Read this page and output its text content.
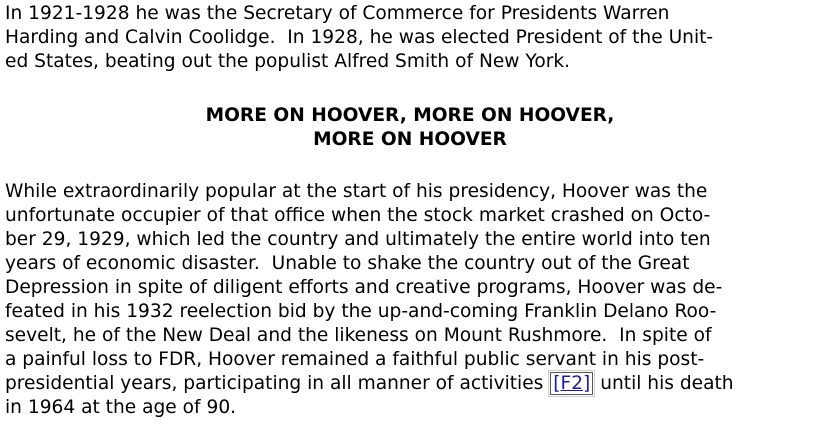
In 1921-1928 he was the Secretary of Commerce for Presidents Warren
Harding and Calvin Coolidge.  In 1928, he was elected President of the Unit-
ed States, beating out the populist Alfred Smith of New York.
MORE ON HOOVER, MORE ON HOOVER,
MORE ON HOOVER
While extraordinarily popular at the start of his presidency, Hoover was the
unfortunate occupier of that office when the stock market crashed on Octo-
ber 29, 1929, which led the country and ultimately the entire world into ten
years of economic disaster.  Unable to shake the country out of the Great
Depression in spite of diligent efforts and creative programs, Hoover was de-
feated in his 1932 reelection bid by the up-and-coming Franklin Delano Roo-
sevelt, he of the New Deal and the likeness on Mount Rushmore.  In spite of
a painful loss to FDR, Hoover remained a faithful public servant in his post-
presidential years, participating in all manner of activities [F2] until his death
in 1964 at the age of 90.
